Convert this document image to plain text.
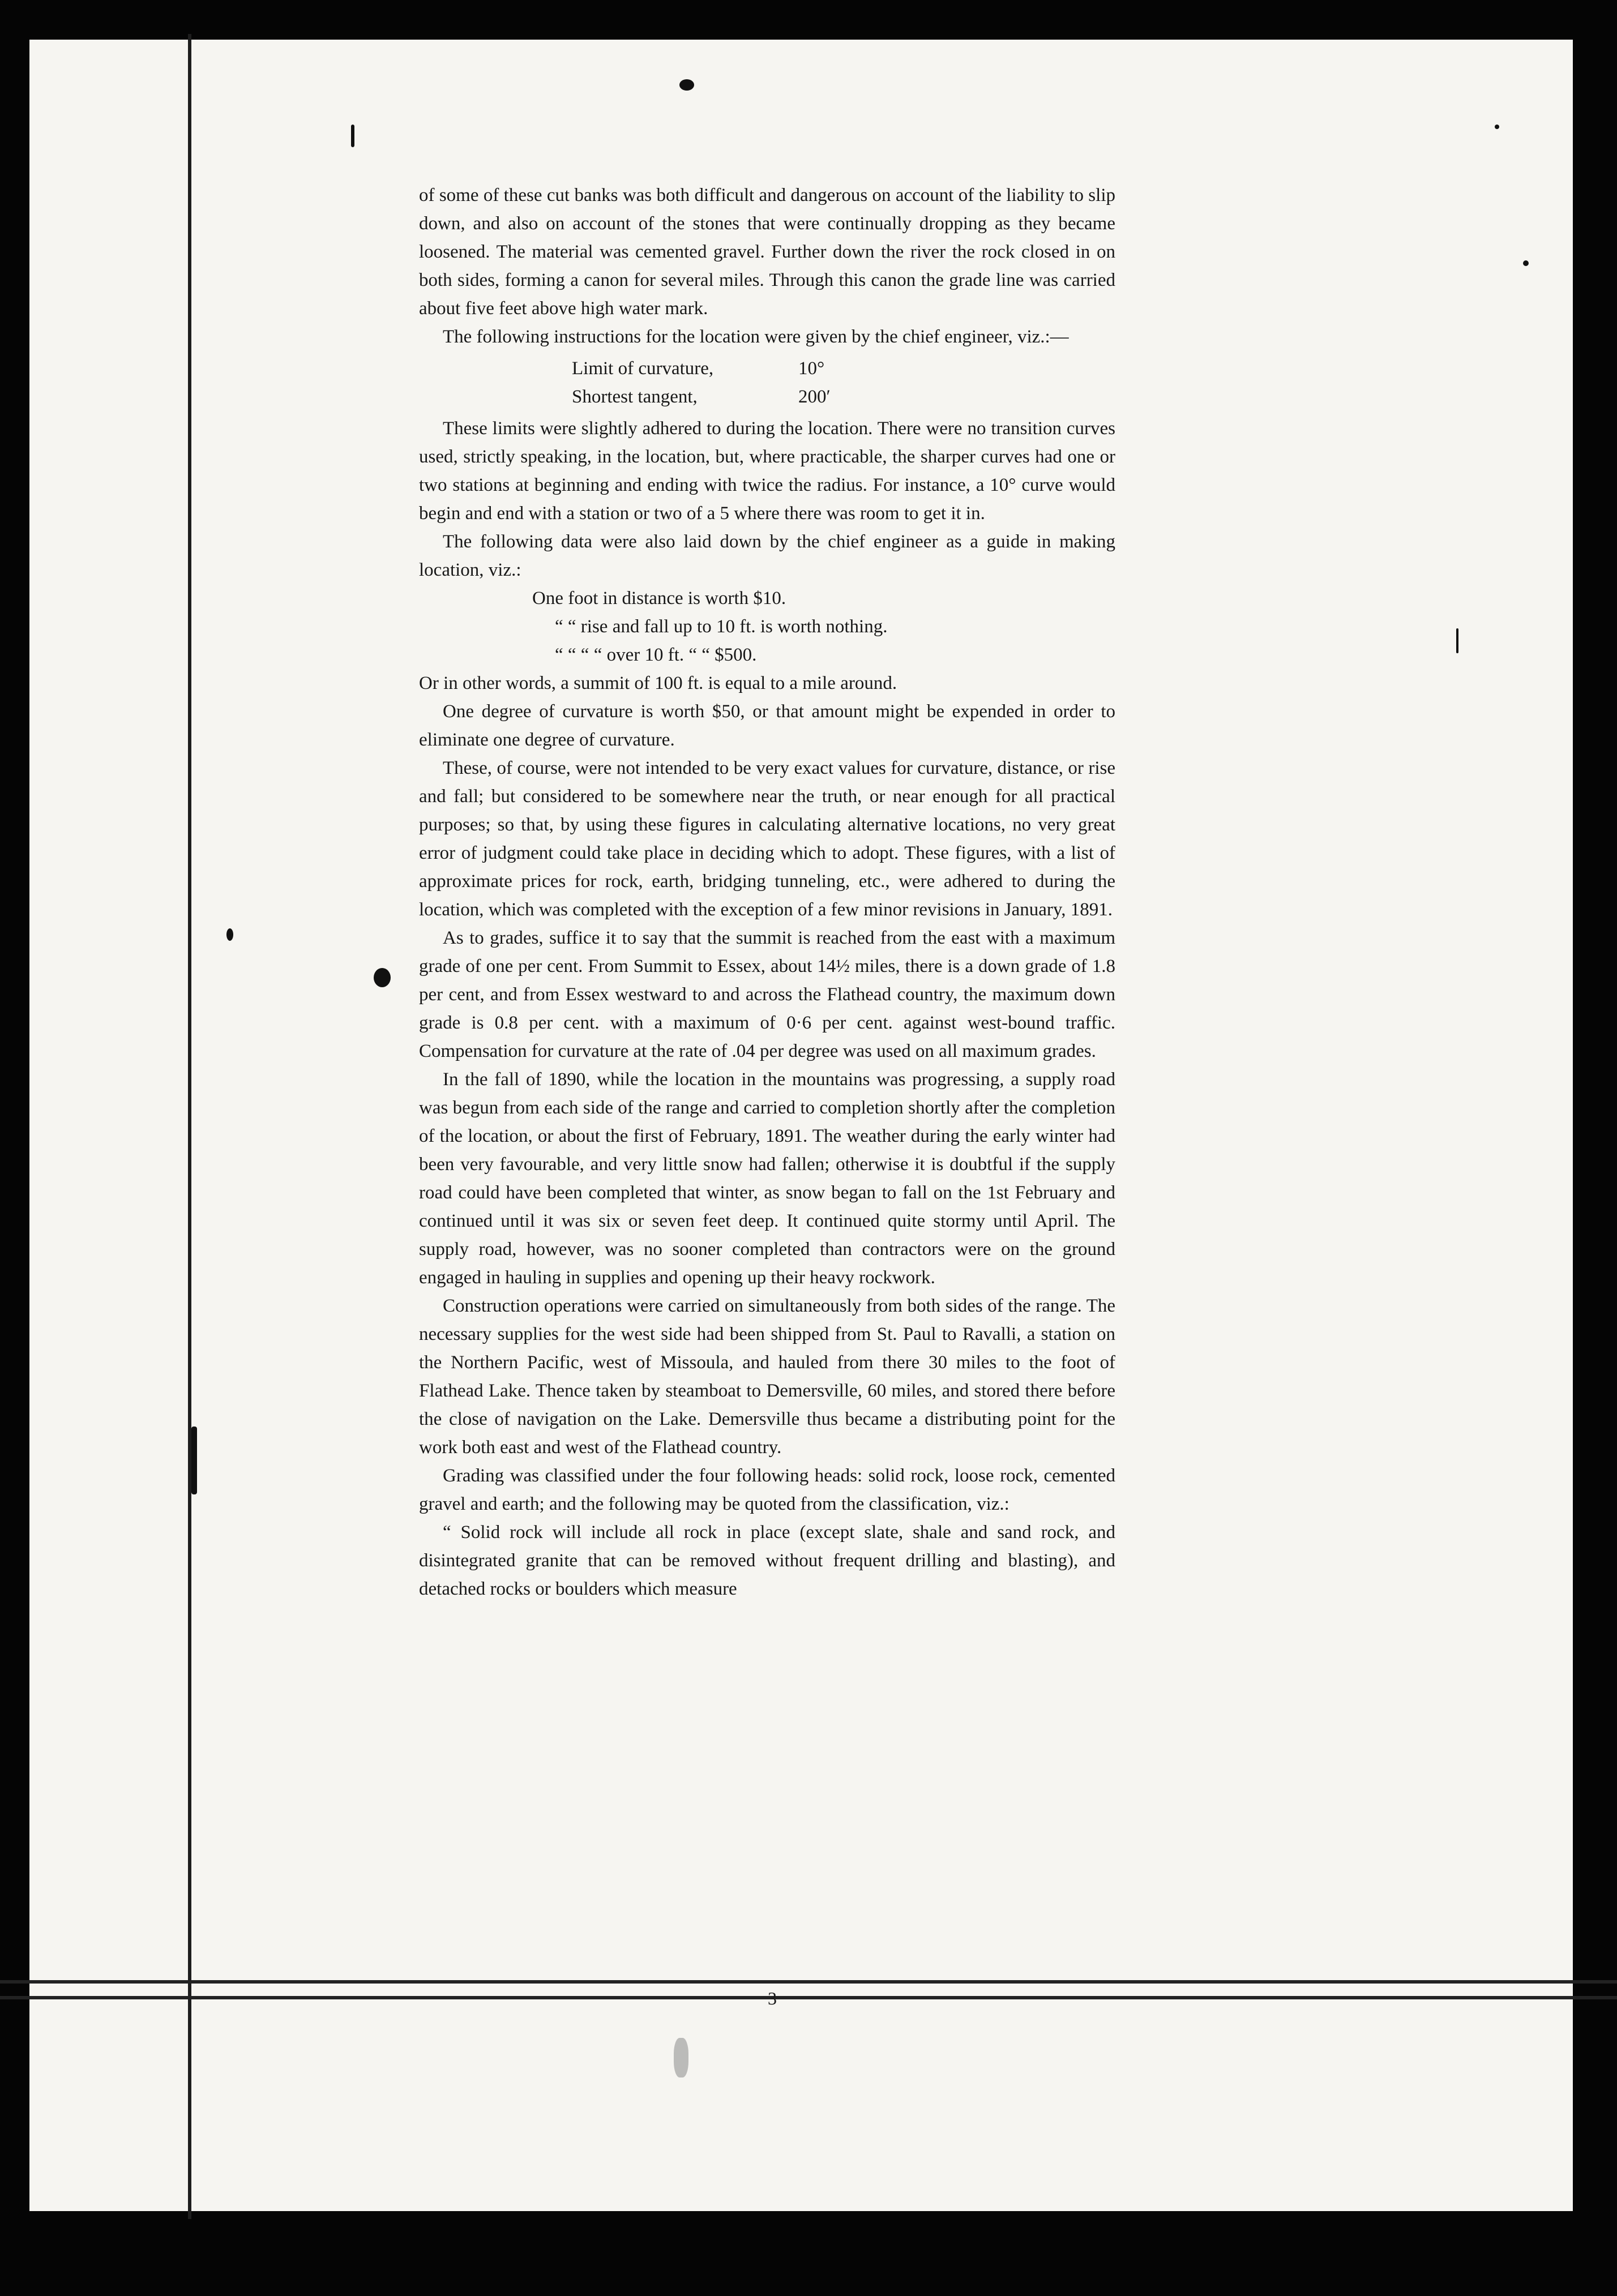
of some of these cut banks was both difficult and dangerous on account of the liability to slip down, and also on account of the stones that were continually dropping as they became loosened. The material was cemented gravel. Further down the river the rock closed in on both sides, forming a canon for several miles. Through this canon the grade line was carried about five feet above high water mark.

The following instructions for the location were given by the chief engineer, viz.:—

Limit of curvature,	10°
Shortest tangent,	200′

These limits were slightly adhered to during the location. There were no transition curves used, strictly speaking, in the location, but, where practicable, the sharper curves had one or two stations at beginning and ending with twice the radius. For instance, a 10° curve would begin and end with a station or two of a 5 where there was room to get it in.

The following data were also laid down by the chief engineer as a guide in making location, viz.:

One foot in distance is worth $10.
“ “ rise and fall up to 10 ft. is worth nothing.
“ “ “ “ over 10 ft. “ “ $500.

Or in other words, a summit of 100 ft. is equal to a mile around.

One degree of curvature is worth $50, or that amount might be expended in order to eliminate one degree of curvature.

These, of course, were not intended to be very exact values for curvature, distance, or rise and fall; but considered to be somewhere near the truth, or near enough for all practical purposes; so that, by using these figures in calculating alternative locations, no very great error of judgment could take place in deciding which to adopt. These figures, with a list of approximate prices for rock, earth, bridging tunneling, etc., were adhered to during the location, which was completed with the exception of a few minor revisions in January, 1891.

As to grades, suffice it to say that the summit is reached from the east with a maximum grade of one per cent. From Summit to Essex, about 14½ miles, there is a down grade of 1.8 per cent, and from Essex westward to and across the Flathead country, the maximum down grade is 0.8 per cent. with a maximum of 0·6 per cent. against west-bound traffic. Compensation for curvature at the rate of .04 per degree was used on all maximum grades.

In the fall of 1890, while the location in the mountains was progressing, a supply road was begun from each side of the range and carried to completion shortly after the completion of the location, or about the first of February, 1891. The weather during the early winter had been very favourable, and very little snow had fallen; otherwise it is doubtful if the supply road could have been completed that winter, as snow began to fall on the 1st February and continued until it was six or seven feet deep. It continued quite stormy until April. The supply road, however, was no sooner completed than contractors were on the ground engaged in hauling in supplies and opening up their heavy rockwork.

Construction operations were carried on simultaneously from both sides of the range. The necessary supplies for the west side had been shipped from St. Paul to Ravalli, a station on the Northern Pacific, west of Missoula, and hauled from there 30 miles to the foot of Flathead Lake. Thence taken by steamboat to Demersville, 60 miles, and stored there before the close of navigation on the Lake. Demersville thus became a distributing point for the work both east and west of the Flathead country.

Grading was classified under the four following heads: solid rock, loose rock, cemented gravel and earth; and the following may be quoted from the classification, viz.:

“ Solid rock will include all rock in place (except slate, shale and sand rock, and disintegrated granite that can be removed without frequent drilling and blasting), and detached rocks or boulders which measure

3
